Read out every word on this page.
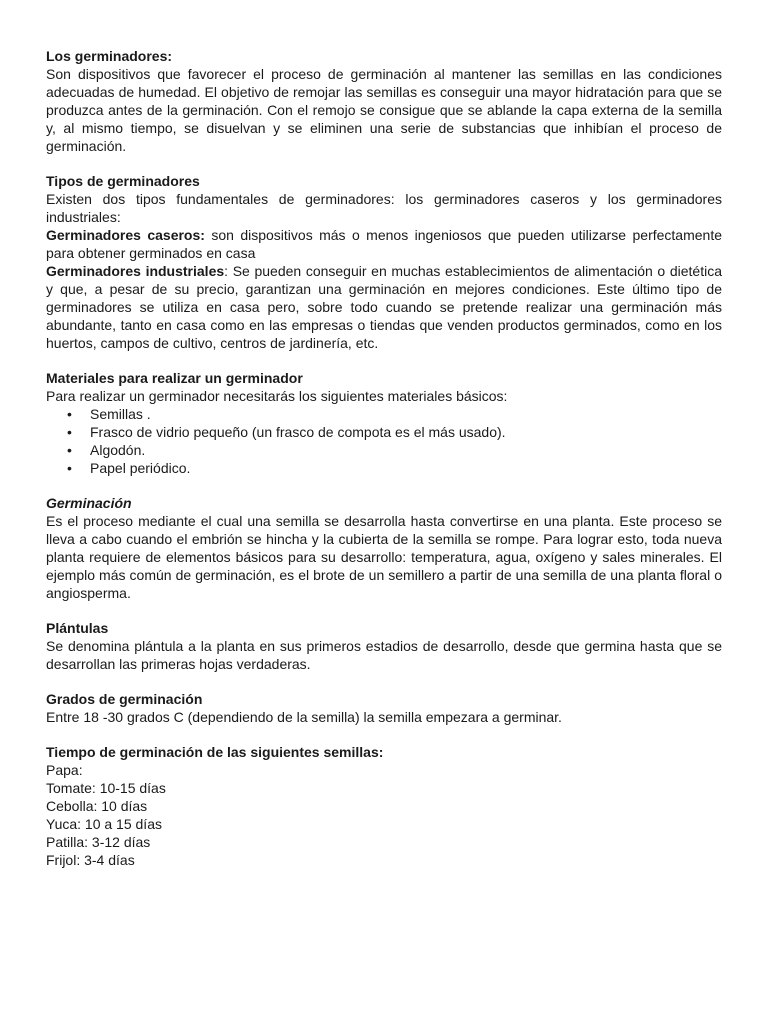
Los germinadores:

Son dispositivos que favorecer el proceso de germinación al mantener las semillas en las condiciones adecuadas de humedad. El objetivo de remojar las semillas es conseguir una mayor hidratación para que se produzca antes de la germinación. Con el remojo se consigue que se ablande la capa externa de la semilla y, al mismo tiempo, se disuelvan y se eliminen una serie de substancias que inhibían el proceso de germinación.

Tipos de germinadores

Existen dos tipos fundamentales de germinadores: los germinadores caseros y los germinadores industriales:

Germinadores caseros: son dispositivos más o menos ingeniosos que pueden utilizarse perfectamente para obtener germinados en casa

Germinadores industriales: Se pueden conseguir en muchas establecimientos de alimentación o dietética y que, a pesar de su precio, garantizan una germinación en mejores condiciones. Este último tipo de germinadores se utiliza en casa pero, sobre todo cuando se pretende realizar una germinación más abundante, tanto en casa como en las empresas o tiendas que venden productos germinados, como en los huertos, campos de cultivo, centros de jardinería, etc.

Materiales para realizar un germinador

Para realizar un germinador necesitarás los siguientes materiales básicos:

• Semillas .
• Frasco de vidrio pequeño (un frasco de compota es el más usado).
• Algodón.
• Papel periódico.

Germinación

Es el proceso mediante el cual una semilla se desarrolla hasta convertirse en una planta. Este proceso se lleva a cabo cuando el embrión se hincha y la cubierta de la semilla se rompe. Para lograr esto, toda nueva planta requiere de elementos básicos para su desarrollo: temperatura, agua, oxígeno y sales minerales. El ejemplo más común de germinación, es el brote de un semillero a partir de una semilla de una planta floral o angiosperma.

Plántulas

Se denomina plántula a la planta en sus primeros estadios de desarrollo, desde que germina hasta que se desarrollan las primeras hojas verdaderas.

Grados de germinación

Entre 18 -30 grados C (dependiendo de la semilla) la semilla empezara a germinar.

Tiempo de germinación de las siguientes semillas:

Papa:
Tomate: 10-15 días
Cebolla: 10 días
Yuca: 10 a 15 días
Patilla: 3-12 días
Frijol: 3-4 días
